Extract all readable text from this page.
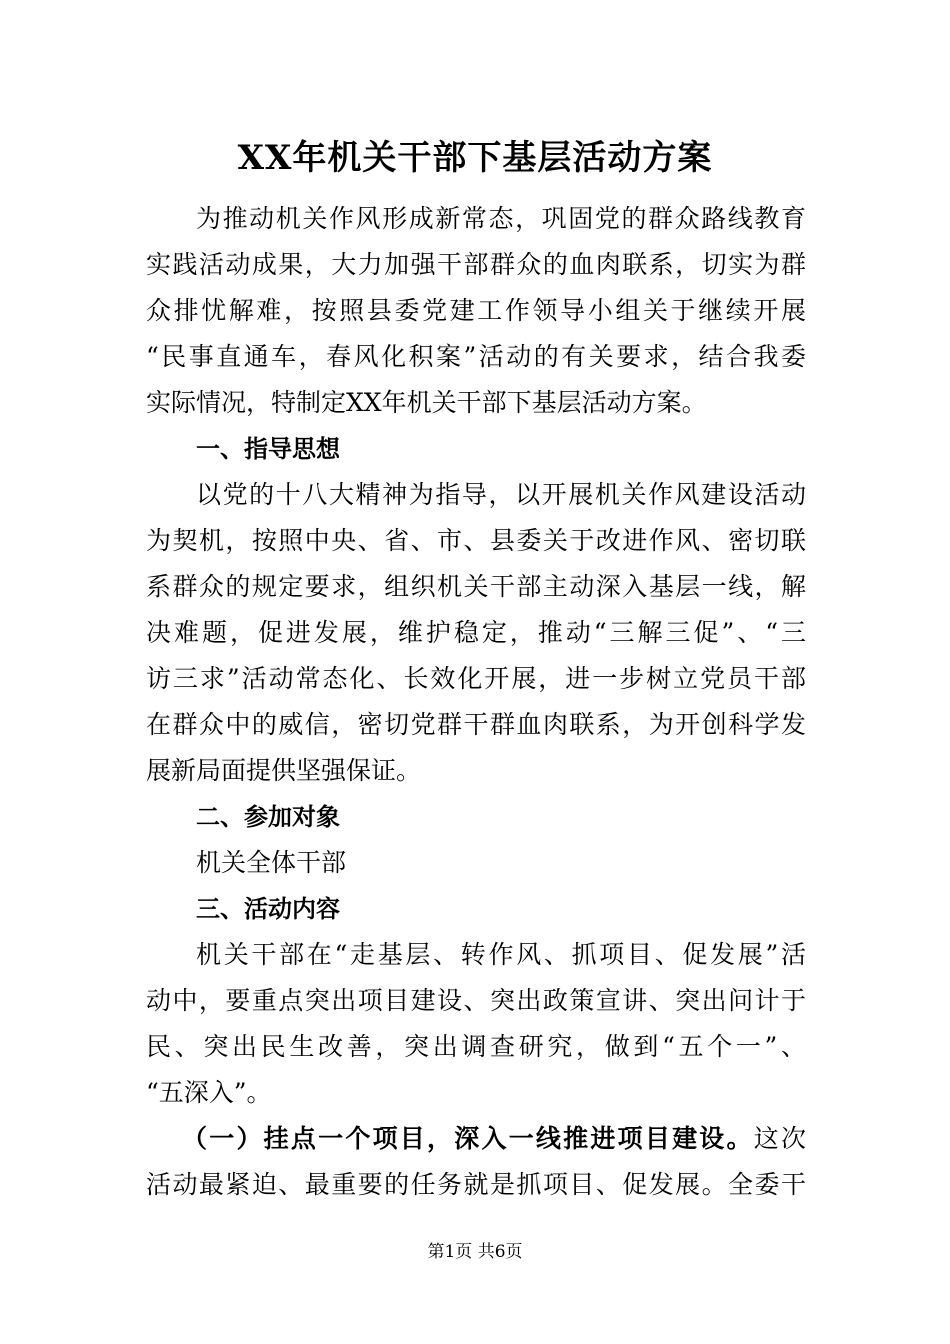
XX年机关干部下基层活动方案
为推动机关作风形成新常态，巩固党的群众路线教育
实践活动成果，大力加强干部群众的血肉联系，切实为群
众排忧解难，按照县委党建工作领导小组关于继续开展
“民事直通车，春风化积案”活动的有关要求，结合我委
实际情况，特制定XX年机关干部下基层活动方案。
一、指导思想
以党的十八大精神为指导，以开展机关作风建设活动
为契机，按照中央、省、市、县委关于改进作风、密切联
系群众的规定要求，组织机关干部主动深入基层一线，解
决难题，促进发展，维护稳定，推动“三解三促”、“三
访三求”活动常态化、长效化开展，进一步树立党员干部
在群众中的威信，密切党群干群血肉联系，为开创科学发
展新局面提供坚强保证。
二、参加对象
机关全体干部
三、活动内容
机关干部在“走基层、转作风、抓项目、促发展”活
动中，要重点突出项目建设、突出政策宣讲、突出问计于
民、突出民生改善，突出调查研究，做到“五个一”、
“五深入”。
（一）挂点一个项目，深入一线推进项目建设。这次
活动最紧迫、最重要的任务就是抓项目、促发展。全委干
第1页 共6页
